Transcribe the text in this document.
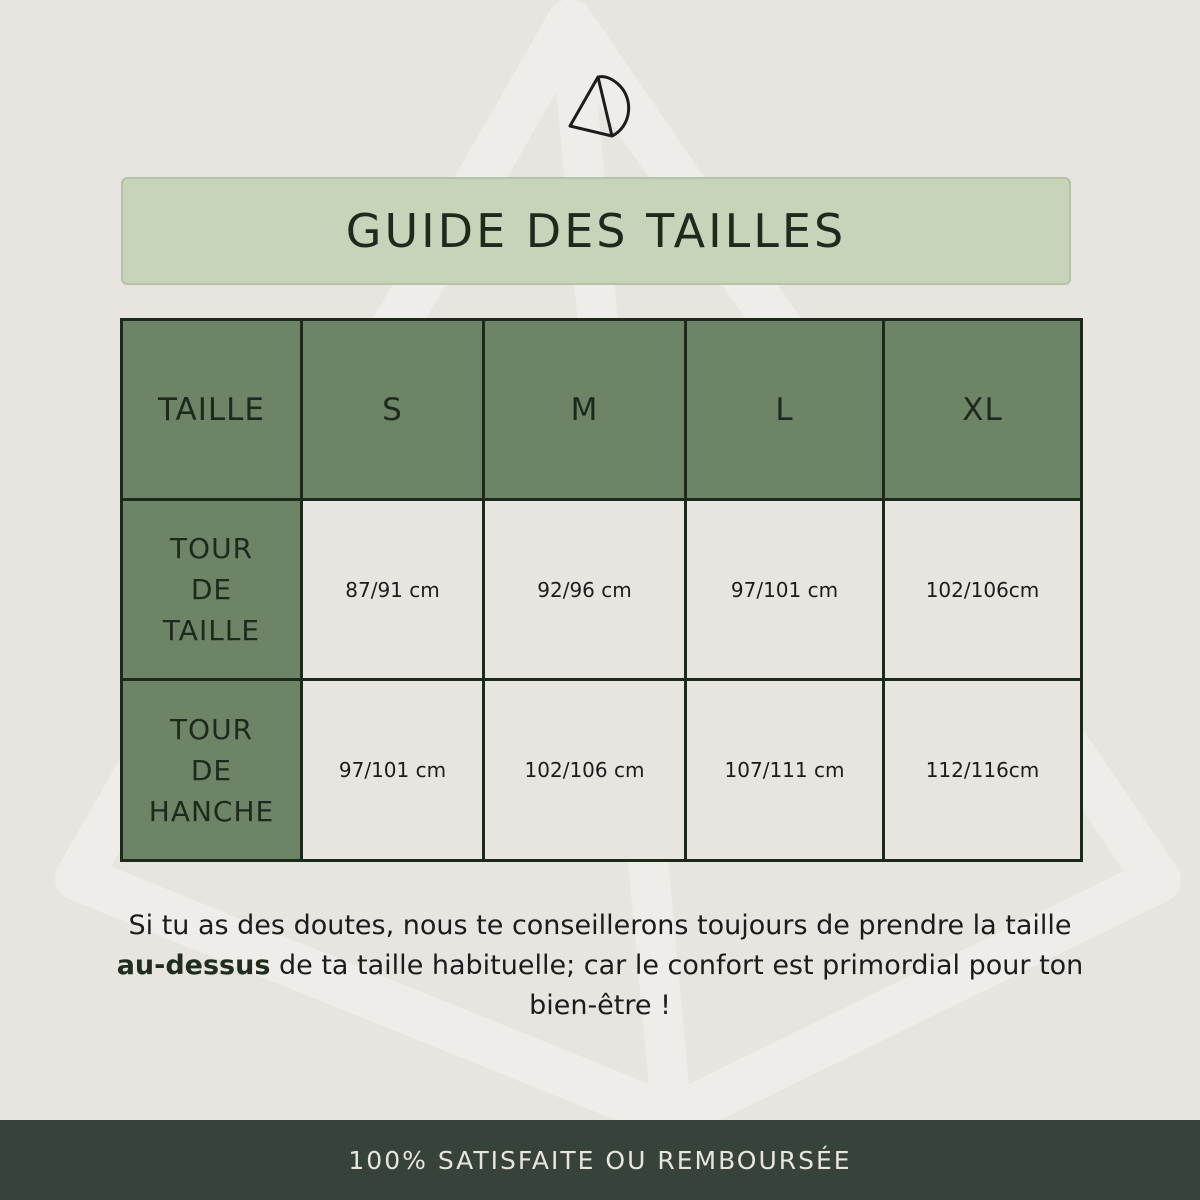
GUIDE DES TAILLES
TAILLE	S	M	L	XL

TOUR
DE
TAILLE	87/91 cm	92/96 cm	97/101 cm	102/106cm

TOUR
DE
HANCHE	97/101 cm	102/106 cm	107/111 cm	112/116cm
Si tu as des doutes, nous te conseillerons toujours de prendre la taille au-dessus de ta taille habituelle; car le confort est primordial pour ton bien-être !
100% SATISFAITE OU REMBOURSÉE
